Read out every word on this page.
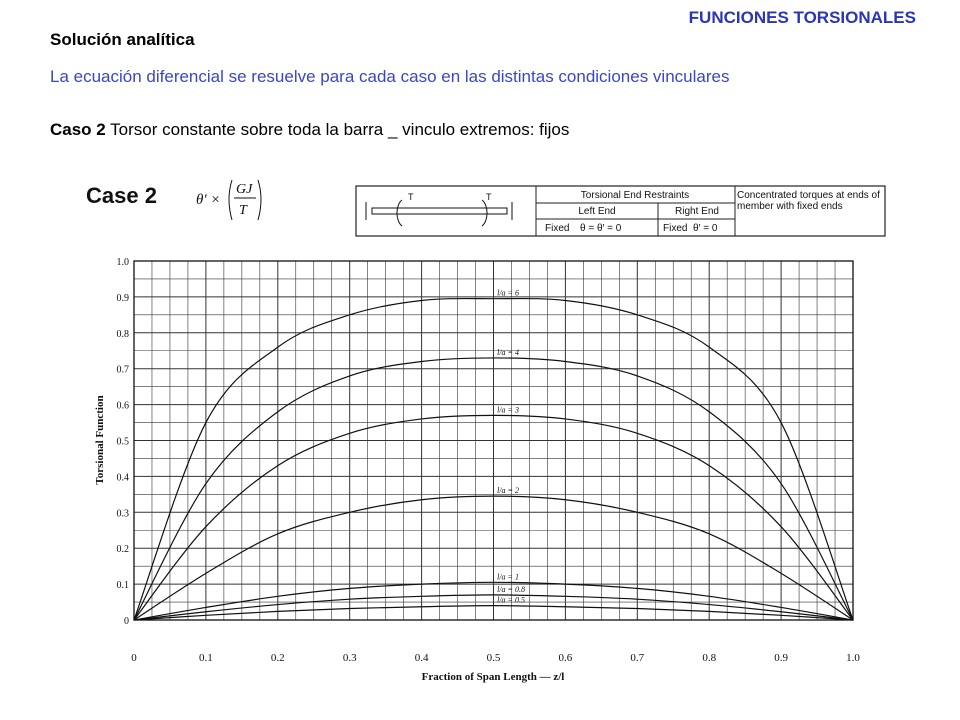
FUNCIONES TORSIONALES
Solución analítica
La ecuación diferencial se resuelve para cada caso en las distintas condiciones vinculares
Caso 2 Torsor constante sobre toda la barra _ vinculo extremos: fijos
Case 2	θ′ ×
GJ
T
Torsional End Restraints
Left End	Right End
Fixed θ = θ′ = 0	Fixed θ′ = 0
Concentrated torques at ends of member with fixed ends
T	T
0	0.1	0.2	0.3	0.4	0.5	0.6	0.7	0.8	0.9	1.0
0
0.1
0.2
0.3
0.4
0.5
0.6
0.7
0.8
0.9
1.0
l/a = 6
l/a = 4
l/a = 3
l/a = 2
l/a = 1
l/a = 0.8
l/a = 0.5
Fraction of Span Length — z/l
Torsional Function
